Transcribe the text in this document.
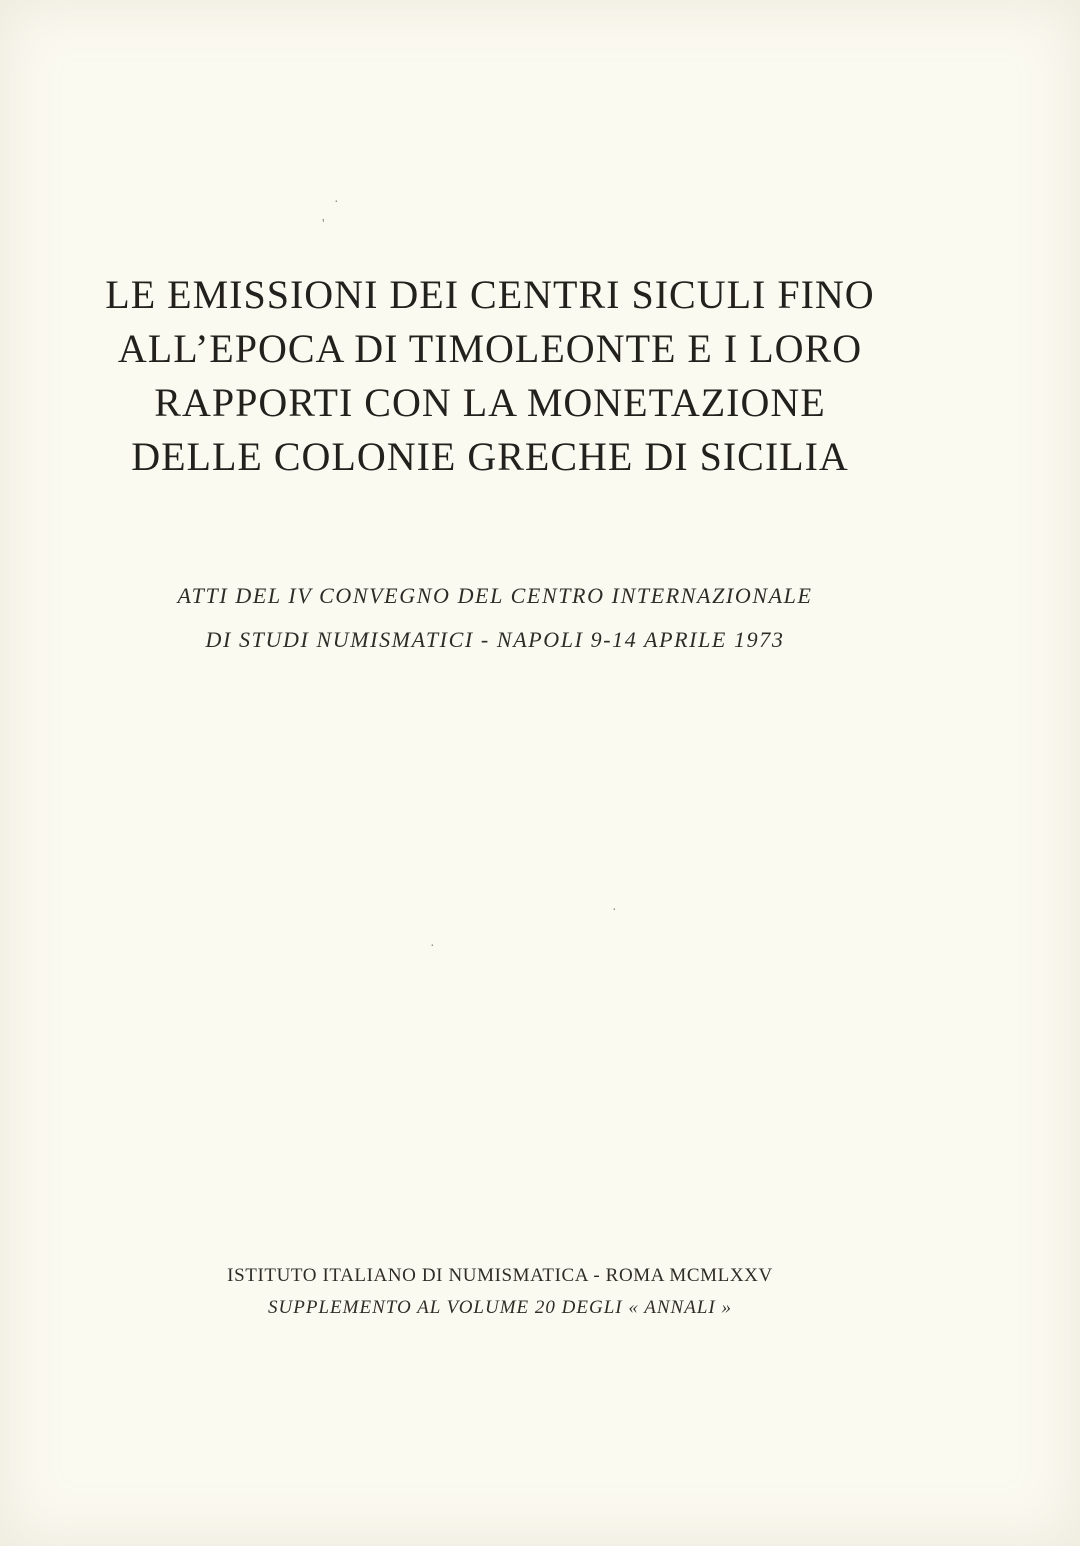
·
'
·
·
LE EMISSIONI DEI CENTRI SICULI FINO
ALL’EPOCA DI TIMOLEONTE E I LORO
RAPPORTI CON LA MONETAZIONE
DELLE COLONIE GRECHE DI SICILIA
ATTI DEL IV CONVEGNO DEL CENTRO INTERNAZIONALE
DI STUDI NUMISMATICI - NAPOLI 9-14 APRILE 1973
ISTITUTO ITALIANO DI NUMISMATICA - ROMA MCMLXXV
SUPPLEMENTO AL VOLUME 20 DEGLI « ANNALI »
